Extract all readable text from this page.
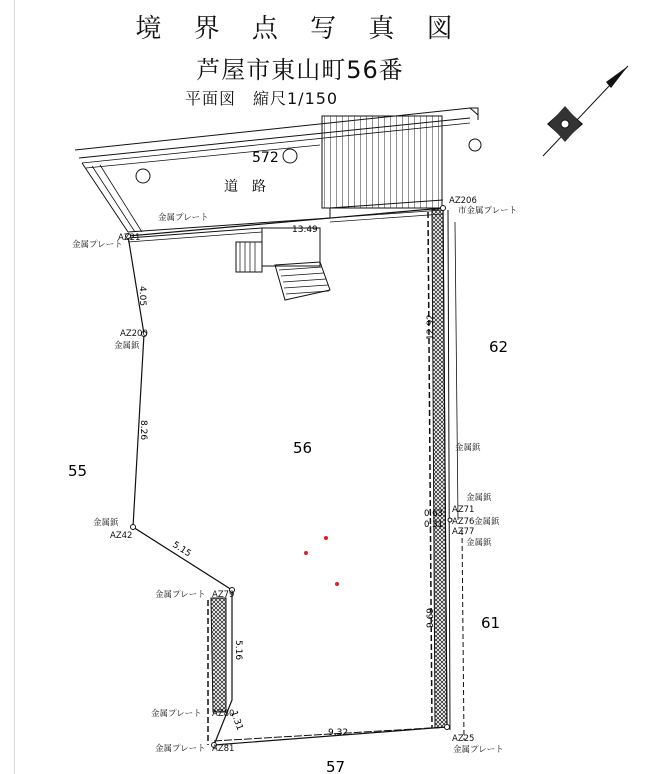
境 界 点 写 真 図
芦屋市東山町56番
平面図　縮尺1/150
572
道　路
56
55
62
61
57
13.49
4.05
8.26
5.15
5.16
1.31
9.32
12.92
0.63
0.31
9.69
金属プレート
金属プレート
AZ21
AZ200
金属鋲
金属鋲
AZ42
金属プレート AZ79
金属プレート AZ80
金属プレート AZ81
AZ206
市金属プレート
金属鋲
金属鋲
AZ71
AZ76
AZ77
金属鋲
金属鋲
AZ25
金属プレート
